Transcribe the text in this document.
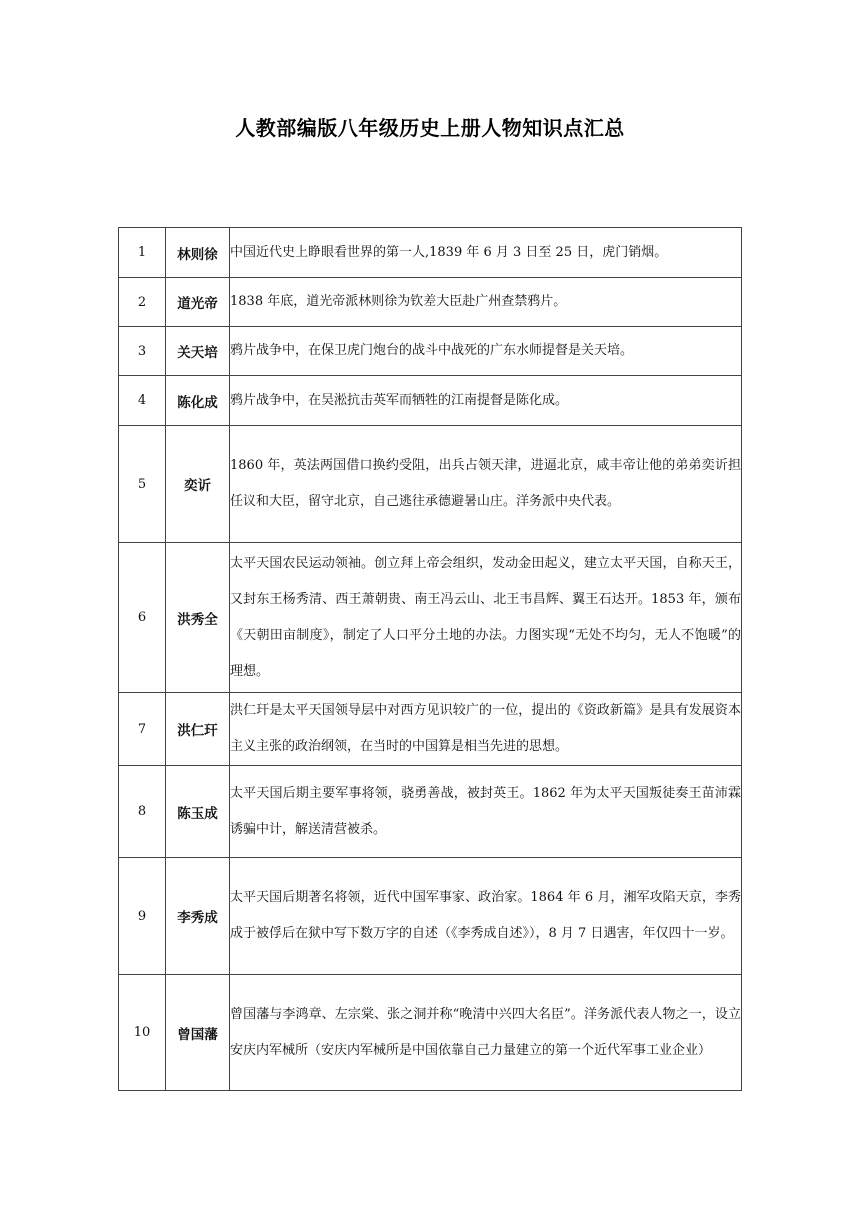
人教部编版八年级历史上册人物知识点汇总
1	林则徐	中国近代史上睁眼看世界的第一人,1839 年 6 月 3 日至 25 日，虎门销烟。
2	道光帝	1838 年底，道光帝派林则徐为钦差大臣赴广州查禁鸦片。
3	关天培	鸦片战争中，在保卫虎门炮台的战斗中战死的广东水师提督是关天培。
4	陈化成	鸦片战争中，在吴淞抗击英军而牺牲的江南提督是陈化成。
5	奕䜣	1860 年，英法两国借口换约受阻，出兵占领天津，进逼北京，咸丰帝让他的弟弟奕䜣担任议和大臣，留守北京，自己逃往承德避暑山庄。洋务派中央代表。
6	洪秀全	太平天国农民运动领袖。创立拜上帝会组织，发动金田起义，建立太平天国，自称天王，又封东王杨秀清、西王萧朝贵、南王冯云山、北王韦昌辉、翼王石达开。1853 年，颁布《天朝田亩制度》，制定了人口平分土地的办法。力图实现“无处不均匀，无人不饱暖”的理想。
7	洪仁玕	洪仁玕是太平天国领导层中对西方见识较广的一位，提出的《资政新篇》是具有发展资本主义主张的政治纲领，在当时的中国算是相当先进的思想。
8	陈玉成	太平天国后期主要军事将领，骁勇善战，被封英王。1862 年为太平天国叛徒奏王苗沛霖诱骗中计，解送清营被杀。
9	李秀成	太平天国后期著名将领，近代中国军事家、政治家。1864 年 6 月，湘军攻陷天京，李秀成于被俘后在狱中写下数万字的自述（《李秀成自述》），8 月 7 日遇害，年仅四十一岁。
10	曾国藩	曾国藩与李鸿章、左宗棠、张之洞并称“晚清中兴四大名臣”。洋务派代表人物之一，设立安庆内军械所（安庆内军械所是中国依靠自己力量建立的第一个近代军事工业企业）
